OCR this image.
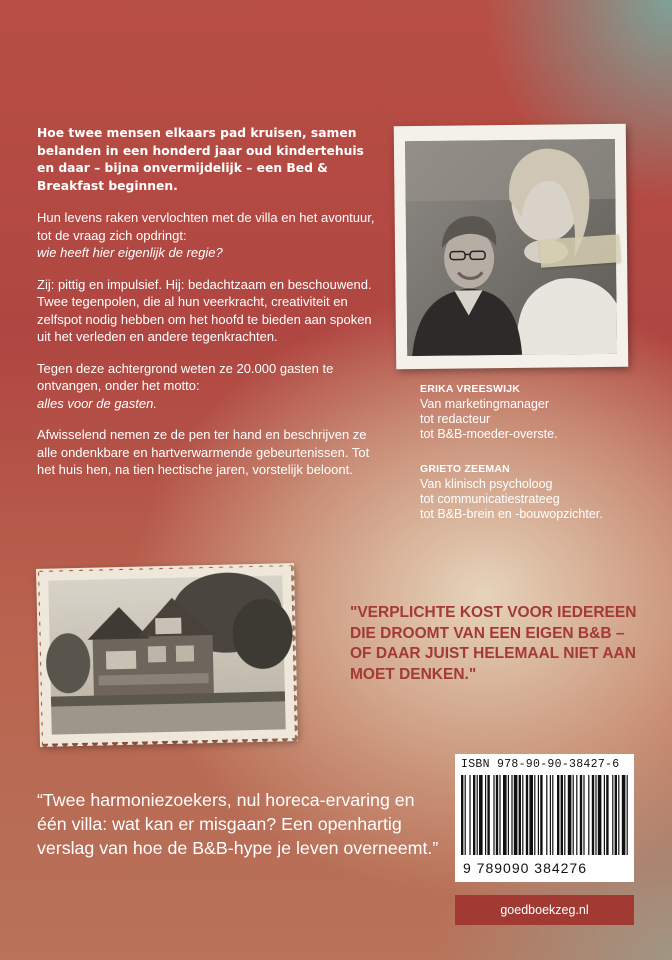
Hoe twee mensen elkaars pad kruisen, samen belanden in een honderd jaar oud kindertehuis en daar – bijna onvermijdelijk – een Bed & Breakfast beginnen.

Hun levens raken vervlochten met de villa en het avontuur, tot de vraag zich opdringt:
wie heeft hier eigenlijk de regie?

Zij: pittig en impulsief. Hij: bedachtzaam en beschouwend. Twee tegenpolen, die al hun veerkracht, creativiteit en zelfspot nodig hebben om het hoofd te bieden aan spoken uit het verleden en andere tegenkrachten.

Tegen deze achtergrond weten ze 20.000 gasten te ontvangen, onder het motto:
alles voor de gasten.

Afwisselend nemen ze de pen ter hand en beschrijven ze alle ondenkbare en hartverwarmende gebeurtenissen. Tot het huis hen, na tien hectische jaren, vorstelijk beloont.

ERIKA VREESWIJK
Van marketingmanager
tot redacteur
tot B&B-moeder-overste.
GRIETO ZEEMAN
Van klinisch psycholoog
tot communicatiestrateeg
tot B&B-brein en -bouwopzichter.
"VERPLICHTE KOST VOOR IEDEREEN DIE DROOMT VAN EEN EIGEN B&B – OF DAAR JUIST HELEMAAL NIET AAN MOET DENKEN."
“Twee harmoniezoekers, nul horeca-ervaring en één villa: wat kan er misgaan? Een openhartig verslag van hoe de B&B-hype je leven overneemt.”
ISBN 978-90-90-38427-6
9 789090 384276
goedboekzeg.nl
